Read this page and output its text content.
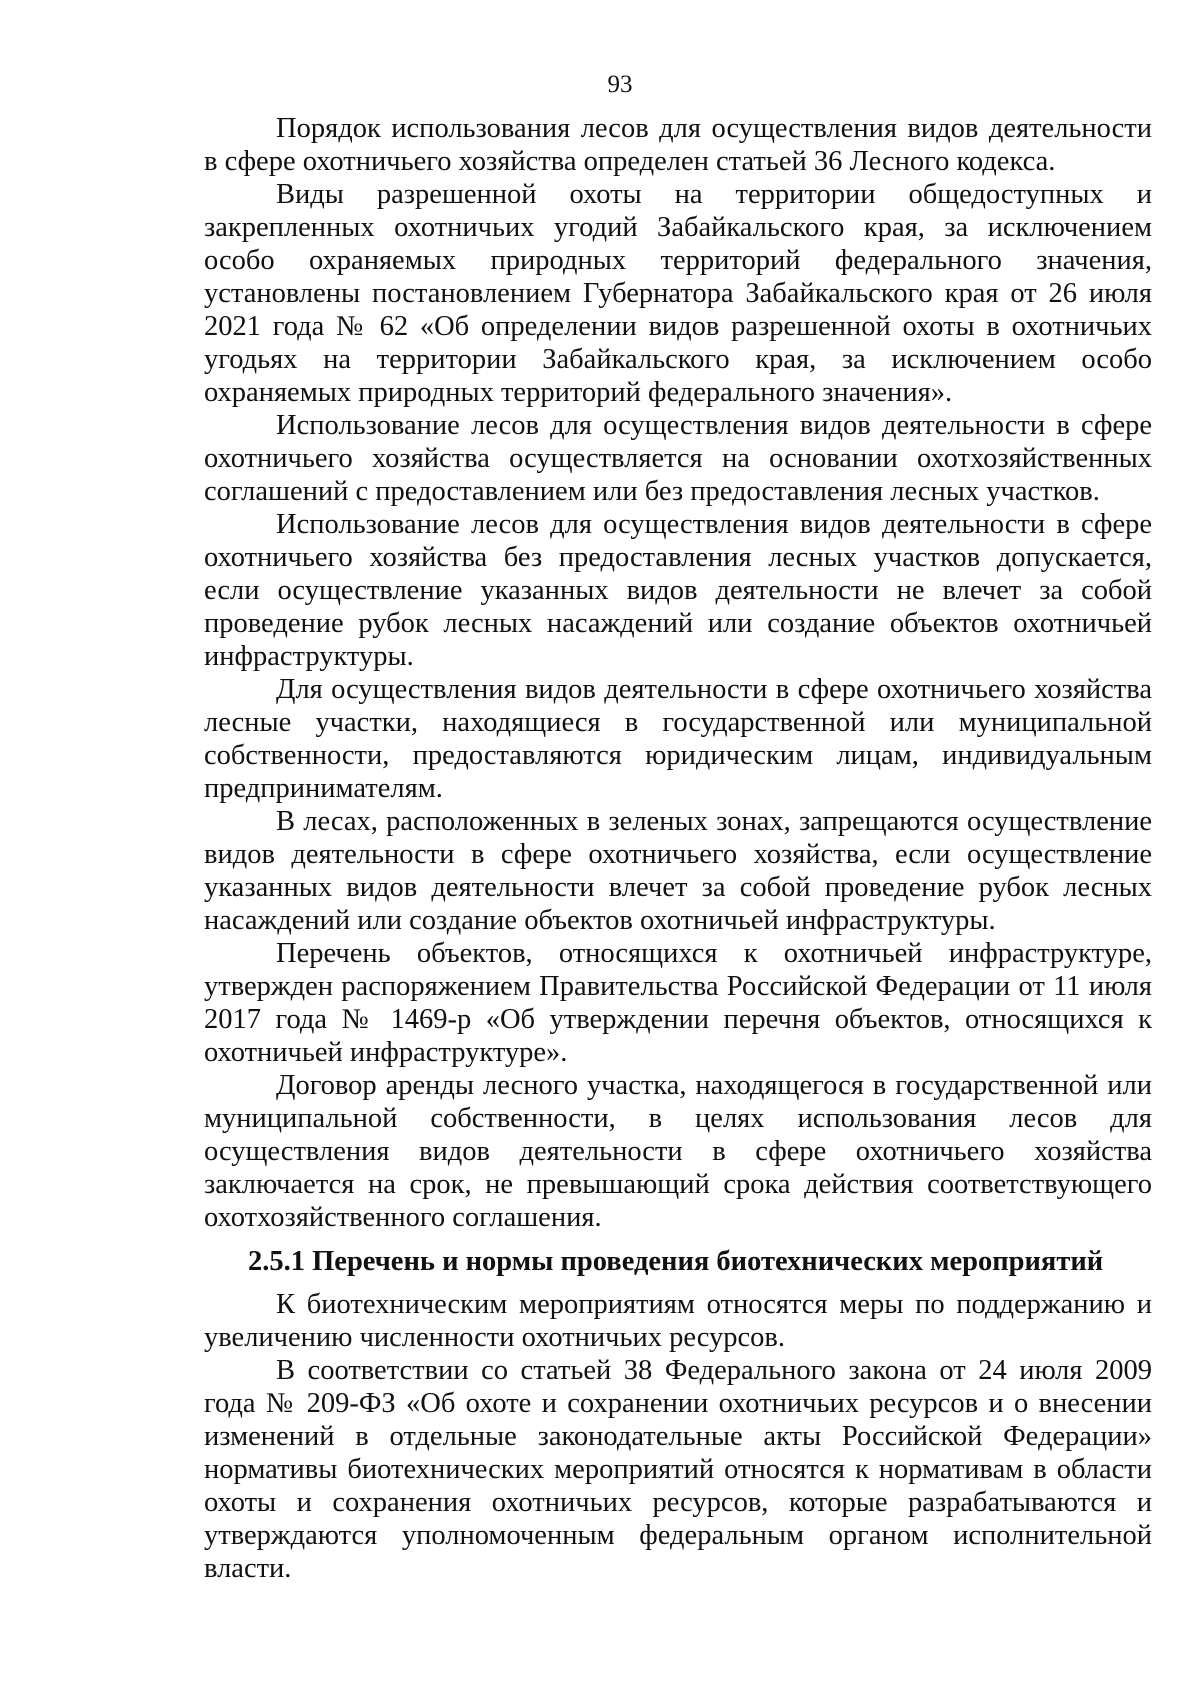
93

Порядок использования лесов для осуществления видов деятельности в сфере охотничьего хозяйства определен статьей 36 Лесного кодекса.

Виды разрешенной охоты на территории общедоступных и закрепленных охотничьих угодий Забайкальского края, за исключением особо охраняемых природных территорий федерального значения, установлены постановлением Губернатора Забайкальского края от 26 июля 2021 года № 62 «Об определении видов разрешенной охоты в охотничьих угодьях на территории Забайкальского края, за исключением особо охраняемых природных территорий федерального значения».

Использование лесов для осуществления видов деятельности в сфере охотничьего хозяйства осуществляется на основании охотхозяйственных соглашений с предоставлением или без предоставления лесных участков.

Использование лесов для осуществления видов деятельности в сфере охотничьего хозяйства без предоставления лесных участков допускается, если осуществление указанных видов деятельности не влечет за собой проведение рубок лесных насаждений или создание объектов охотничьей инфраструктуры.

Для осуществления видов деятельности в сфере охотничьего хозяйства лесные участки, находящиеся в государственной или муниципальной собственности, предоставляются юридическим лицам, индивидуальным предпринимателям.

В лесах, расположенных в зеленых зонах, запрещаются осуществление видов деятельности в сфере охотничьего хозяйства, если осуществление указанных видов деятельности влечет за собой проведение рубок лесных насаждений или создание объектов охотничьей инфраструктуры.

Перечень объектов, относящихся к охотничьей инфраструктуре, утвержден распоряжением Правительства Российской Федерации от 11 июля 2017 года № 1469-р «Об утверждении перечня объектов, относящихся к охотничьей инфраструктуре».

Договор аренды лесного участка, находящегося в государственной или муниципальной собственности, в целях использования лесов для осуществления видов деятельности в сфере охотничьего хозяйства заключается на срок, не превышающий срока действия соответствующего охотхозяйственного соглашения.

2.5.1 Перечень и нормы проведения биотехнических мероприятий

К биотехническим мероприятиям относятся меры по поддержанию и увеличению численности охотничьих ресурсов.

В соответствии со статьей 38 Федерального закона от 24 июля 2009 года № 209-ФЗ «Об охоте и сохранении охотничьих ресурсов и о внесении изменений в отдельные законодательные акты Российской Федерации» нормативы биотехнических мероприятий относятся к нормативам в области охоты и сохранения охотничьих ресурсов, которые разрабатываются и утверждаются уполномоченным федеральным органом исполнительной власти.
